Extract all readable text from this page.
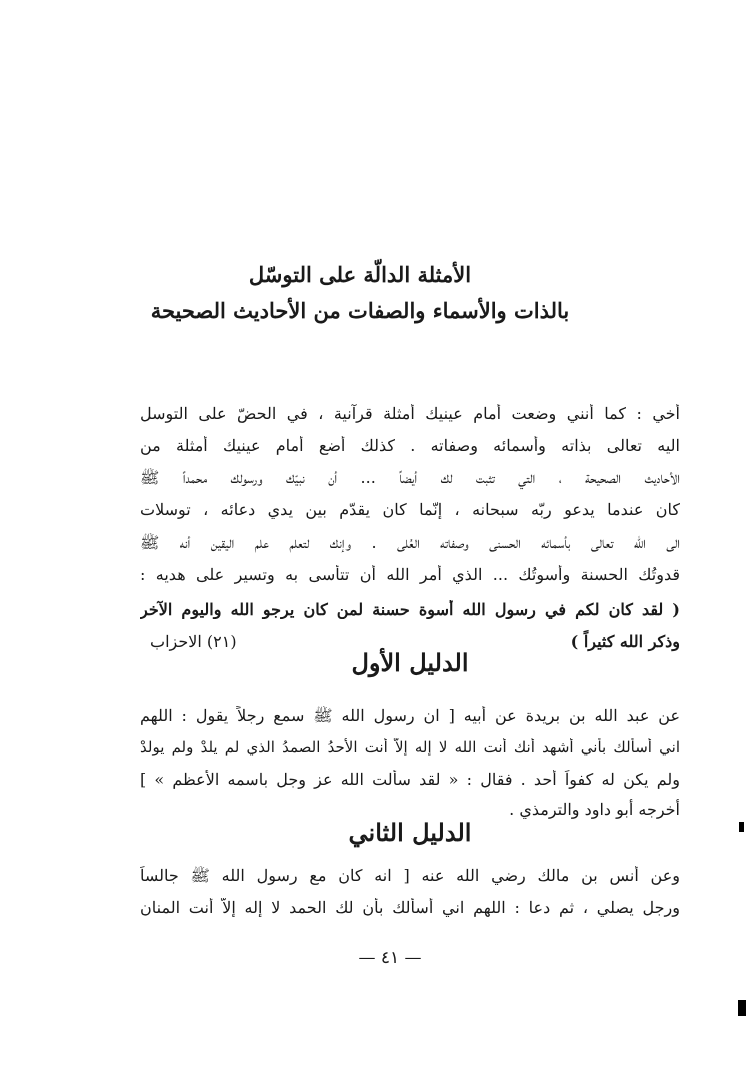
الأمثلة الدالّة على التوسّل
بالذات والأسماء والصفات من الأحاديث الصحيحة
أخي : كما أنني وضعت أمام عينيك أمثلة قرآنية ، في الحضّ على التوسل
اليه تعالى بذاته وأسمائه وصفاته . كذلك أضع أمام عينيك أمثلة من
الأحاديث الصحيحة ، التي تثبت لك أيضاً ... أن نبيّك ورسولك محمداً ﷺ
كان عندما يدعو ربّه سبحانه ، إنّما كان يقدّم بين يدي دعائه ، توسلات
الى الله تعالى بأسمائه الحسنى وصفاته العُلى . وإنك لتعلم علم اليقين أنه ﷺ
قدوتُك الحسنة وأسوتُك ... الذي أمر الله أن تتأسى به وتسير على هديه :
( لقد كان لكم في رسول الله أسوة حسنة لمن كان يرجو الله واليوم الآخر
وذكر الله كثيراً )
(٢١) الاحزاب
الدليل الأول
عن عبد الله بن بريدة عن أبيه [ ان رسول الله ﷺ سمع رجلاً يقول : اللهم
اني أسألك بأني أشهد أنك أنت الله لا إله إلاّ أنت الأحدُ الصمدُ الذي لم يلدْ ولم يولدْ
ولم يكن له كفواً أحد . فقال : « لقد سألت الله عز وجل باسمه الأعظم » ]
أخرجه أبو داود والترمذي .
الدليل الثاني
وعن أنس بن مالك رضي الله عنه [ انه كان مع رسول الله ﷺ جالساً
ورجل يصلي ، ثم دعا : اللهم اني أسألك بأن لك الحمد لا إله إلاّ أنت المنان
— ٤١ —
